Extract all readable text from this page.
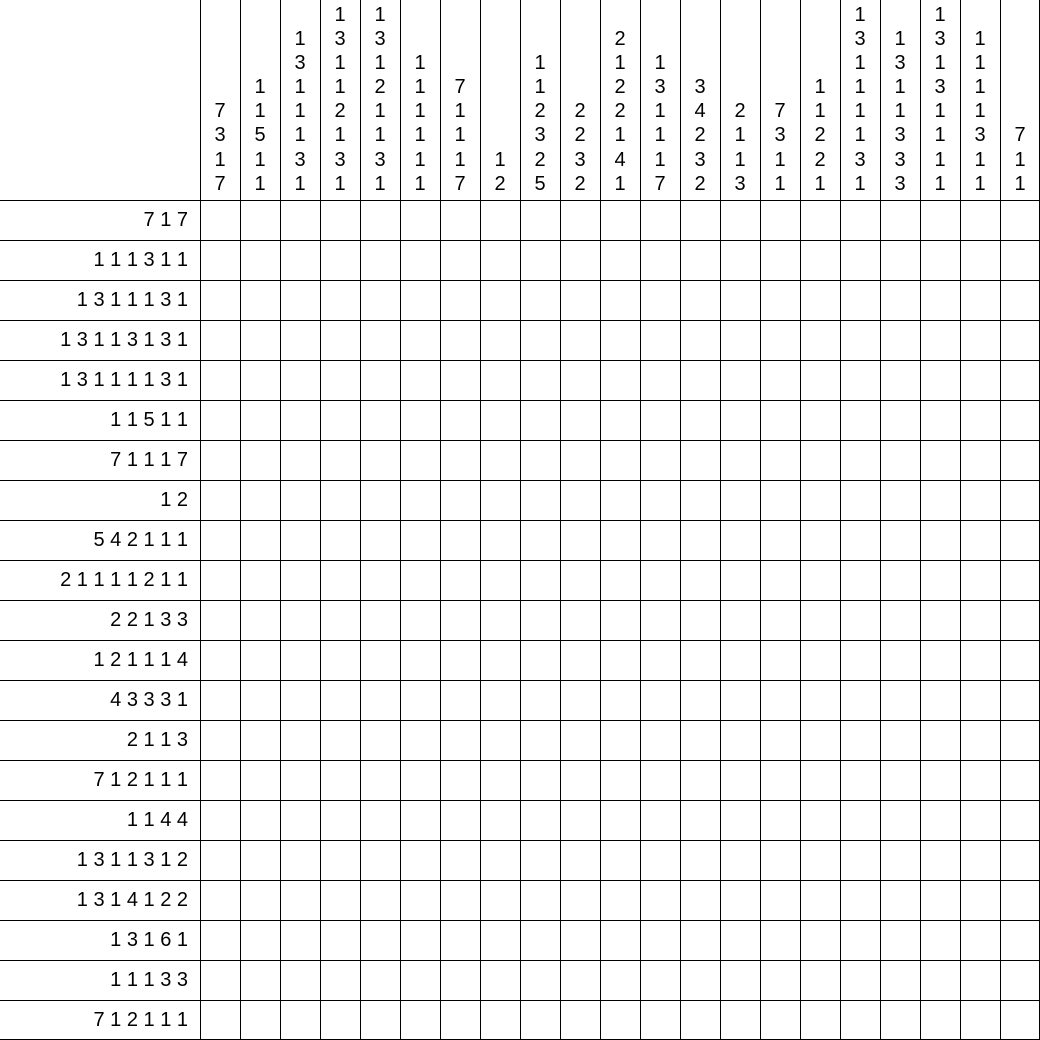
7
3
1
7
1
1
5
1
1
1
3
1
1
1
3
1
1
3
1
1
2
1
3
1
1
3
1
2
1
1
3
1
1
1
1
1
1
1
7
1
1
1
7
1
2
1
1
2
3
2
5
2
2
3
2
2
1
2
2
1
4
1
1
3
1
1
1
7
3
4
2
3
2
2
1
1
3
7
3
1
1
1
1
2
2
1
1
3
1
1
1
1
3
1
1
3
1
1
3
3
3
1
3
1
3
1
1
1
1
1
1
1
1
3
1
1
7
1
1
7 1 7
1 1 1 3 1 1
1 3 1 1 1 3 1
1 3 1 1 3 1 3 1
1 3 1 1 1 1 3 1
1 1 5 1 1
7 1 1 1 7
1 2
5 4 2 1 1 1
2 1 1 1 1 2 1 1
2 2 1 3 3
1 2 1 1 1 4
4 3 3 3 1
2 1 1 3
7 1 2 1 1 1
1 1 4 4
1 3 1 1 3 1 2
1 3 1 4 1 2 2
1 3 1 6 1
1 1 1 3 3
7 1 2 1 1 1
